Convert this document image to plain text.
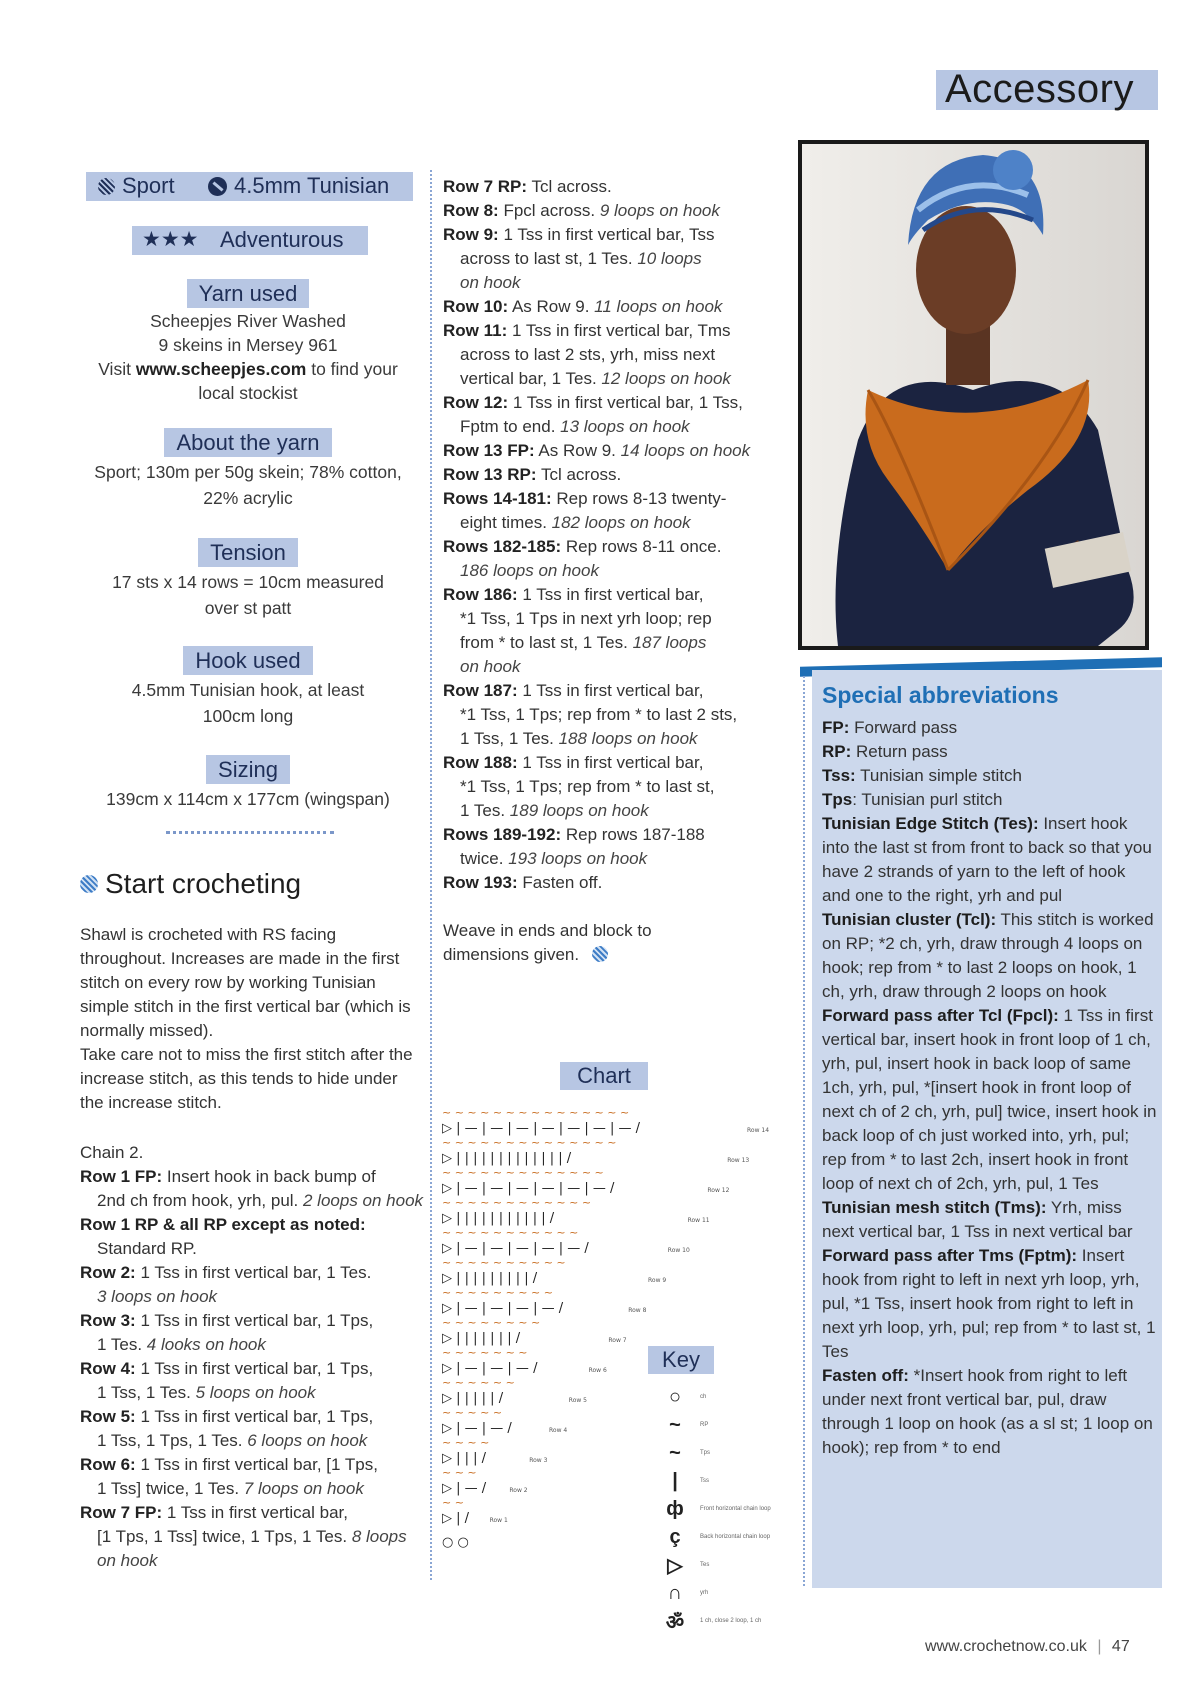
Accessory
Sport	4.5mm Tunisian
★★★ Adventurous
Yarn used
Scheepjes River Washed
9 skeins in Mersey 961
Visit www.scheepjes.com to find your
local stockist
About the yarn
Sport; 130m per 50g skein; 78% cotton,
22% acrylic
Tension
17 sts x 14 rows = 10cm measured
over st patt
Hook used
4.5mm Tunisian hook, at least
100cm long
Sizing
139cm x 114cm x 177cm (wingspan)
Start crocheting
Shawl is crocheted with RS facing throughout. Increases are made in the first stitch on every row by working Tunisian simple stitch in the first vertical bar (which is normally missed).
Take care not to miss the first stitch after the increase stitch, as this tends to hide under the increase stitch.

Chain 2.

Row 1 FP: Insert hook in back bump of

2nd ch from hook, yrh, pul. 2 loops on hook

Row 1 RP & all RP except as noted:

Standard RP.

Row 2: 1 Tss in first vertical bar, 1 Tes.

3 loops on hook

Row 3: 1 Tss in first vertical bar, 1 Tps,

1 Tes. 4 looks on hook

Row 4: 1 Tss in first vertical bar, 1 Tps,

1 Tss, 1 Tes. 5 loops on hook

Row 5: 1 Tss in first vertical bar, 1 Tps,

1 Tss, 1 Tps, 1 Tes. 6 loops on hook

Row 6: 1 Tss in first vertical bar, [1 Tps,

1 Tss] twice, 1 Tes. 7 loops on hook

Row 7 FP: 1 Tss in first vertical bar,

[1 Tps, 1 Tss] twice, 1 Tps, 1 Tes. 8 loops

on hook

Row 7 RP: Tcl across.

Row 8: Fpcl across. 9 loops on hook

Row 9: 1 Tss in first vertical bar, Tss

across to last st, 1 Tes. 10 loops

on hook

Row 10: As Row 9. 11 loops on hook

Row 11: 1 Tss in first vertical bar, Tms

across to last 2 sts, yrh, miss next

vertical bar, 1 Tes. 12 loops on hook

Row 12: 1 Tss in first vertical bar, 1 Tss,

Fptm to end. 13 loops on hook

Row 13 FP: As Row 9. 14 loops on hook

Row 13 RP: Tcl across.

Rows 14-181: Rep rows 8-13 twenty-

eight times. 182 loops on hook

Rows 182-185: Rep rows 8-11 once.

186 loops on hook

Row 186: 1 Tss in first vertical bar,

*1 Tss, 1 Tps in next yrh loop; rep

from * to last st, 1 Tes. 187 loops

on hook

Row 187: 1 Tss in first vertical bar,

*1 Tss, 1 Tps; rep from * to last 2 sts,

1 Tss, 1 Tes. 188 loops on hook

Row 188: 1 Tss in first vertical bar,

*1 Tss, 1 Tps; rep from * to last st,

1 Tes. 189 loops on hook

Rows 189-192: Rep rows 187-188

twice. 193 loops on hook

Row 193: Fasten off.

Weave in ends and block to

dimensions given.

Chart
~ ~ ~ ~ ~ ~ ~ ~ ~ ~ ~ ~ ~ ~ ~
▷ | — | — | — | — | — | — | — /	Row 14
~ ~ ~ ~ ~ ~ ~ ~ ~ ~ ~ ~ ~ ~
▷ | | | | | | | | | | | | | /	Row 13
~ ~ ~ ~ ~ ~ ~ ~ ~ ~ ~ ~ ~
▷ | — | — | — | — | — | — /	Row 12
~ ~ ~ ~ ~ ~ ~ ~ ~ ~ ~ ~
▷ | | | | | | | | | | | /	Row 11
~ ~ ~ ~ ~ ~ ~ ~ ~ ~ ~
▷ | — | — | — | — | — /	Row 10
~ ~ ~ ~ ~ ~ ~ ~ ~ ~
▷ | | | | | | | | | /	Row 9
~ ~ ~ ~ ~ ~ ~ ~ ~
▷ | — | — | — | — /	Row 8
~ ~ ~ ~ ~ ~ ~ ~
▷ | | | | | | | /	Row 7
~ ~ ~ ~ ~ ~ ~
▷ | — | — | — /	Row 6
~ ~ ~ ~ ~ ~
▷ | | | | | /	Row 5
~ ~ ~ ~ ~
▷ | — | — /	Row 4
~ ~ ~ ~
▷ | | | /	Row 3
~ ~ ~
▷ | — /	Row 2
~ ~
▷ | /	Row 1
○ ○
Key
○	ch
~	RP
~	Tps
|	Tss
ф	Front horizontal chain loop
ç	Back horizontal chain loop
▷	Tes
∩	yrh
ॐ	1 ch, close 2 loop, 1 ch
Special abbreviations

FP: Forward pass

RP: Return pass

Tss: Tunisian simple stitch

Tps: Tunisian purl stitch

Tunisian Edge Stitch (Tes): Insert hook into the last st from front to back so that you have 2 strands of yarn to the left of hook and one to the right, yrh and pul

Tunisian cluster (Tcl): This stitch is worked on RP; *2 ch, yrh, draw through 4 loops on hook; rep from * to last 2 loops on hook, 1 ch, yrh, draw through 2 loops on hook

Forward pass after Tcl (Fpcl): 1 Tss in first vertical bar, insert hook in front loop of 1 ch, yrh, pul, insert hook in back loop of same 1ch, yrh, pul, *[insert hook in front loop of next ch of 2 ch, yrh, pul] twice, insert hook in back loop of ch just worked into, yrh, pul; rep from * to last 2ch, insert hook in front loop of next ch of 2ch, yrh, pul, 1 Tes

Tunisian mesh stitch (Tms): Yrh, miss next vertical bar, 1 Tss in next vertical bar

Forward pass after Tms (Fptm): Insert hook from right to left in next yrh loop, yrh, pul, *1 Tss, insert hook from right to left in next yrh loop, yrh, pul; rep from * to last st, 1 Tes

Fasten off: *Insert hook from right to left under next front vertical bar, pul, draw through 1 loop on hook (as a sl st; 1 loop on hook); rep from * to end

www.crochetnow.co.uk | 47
